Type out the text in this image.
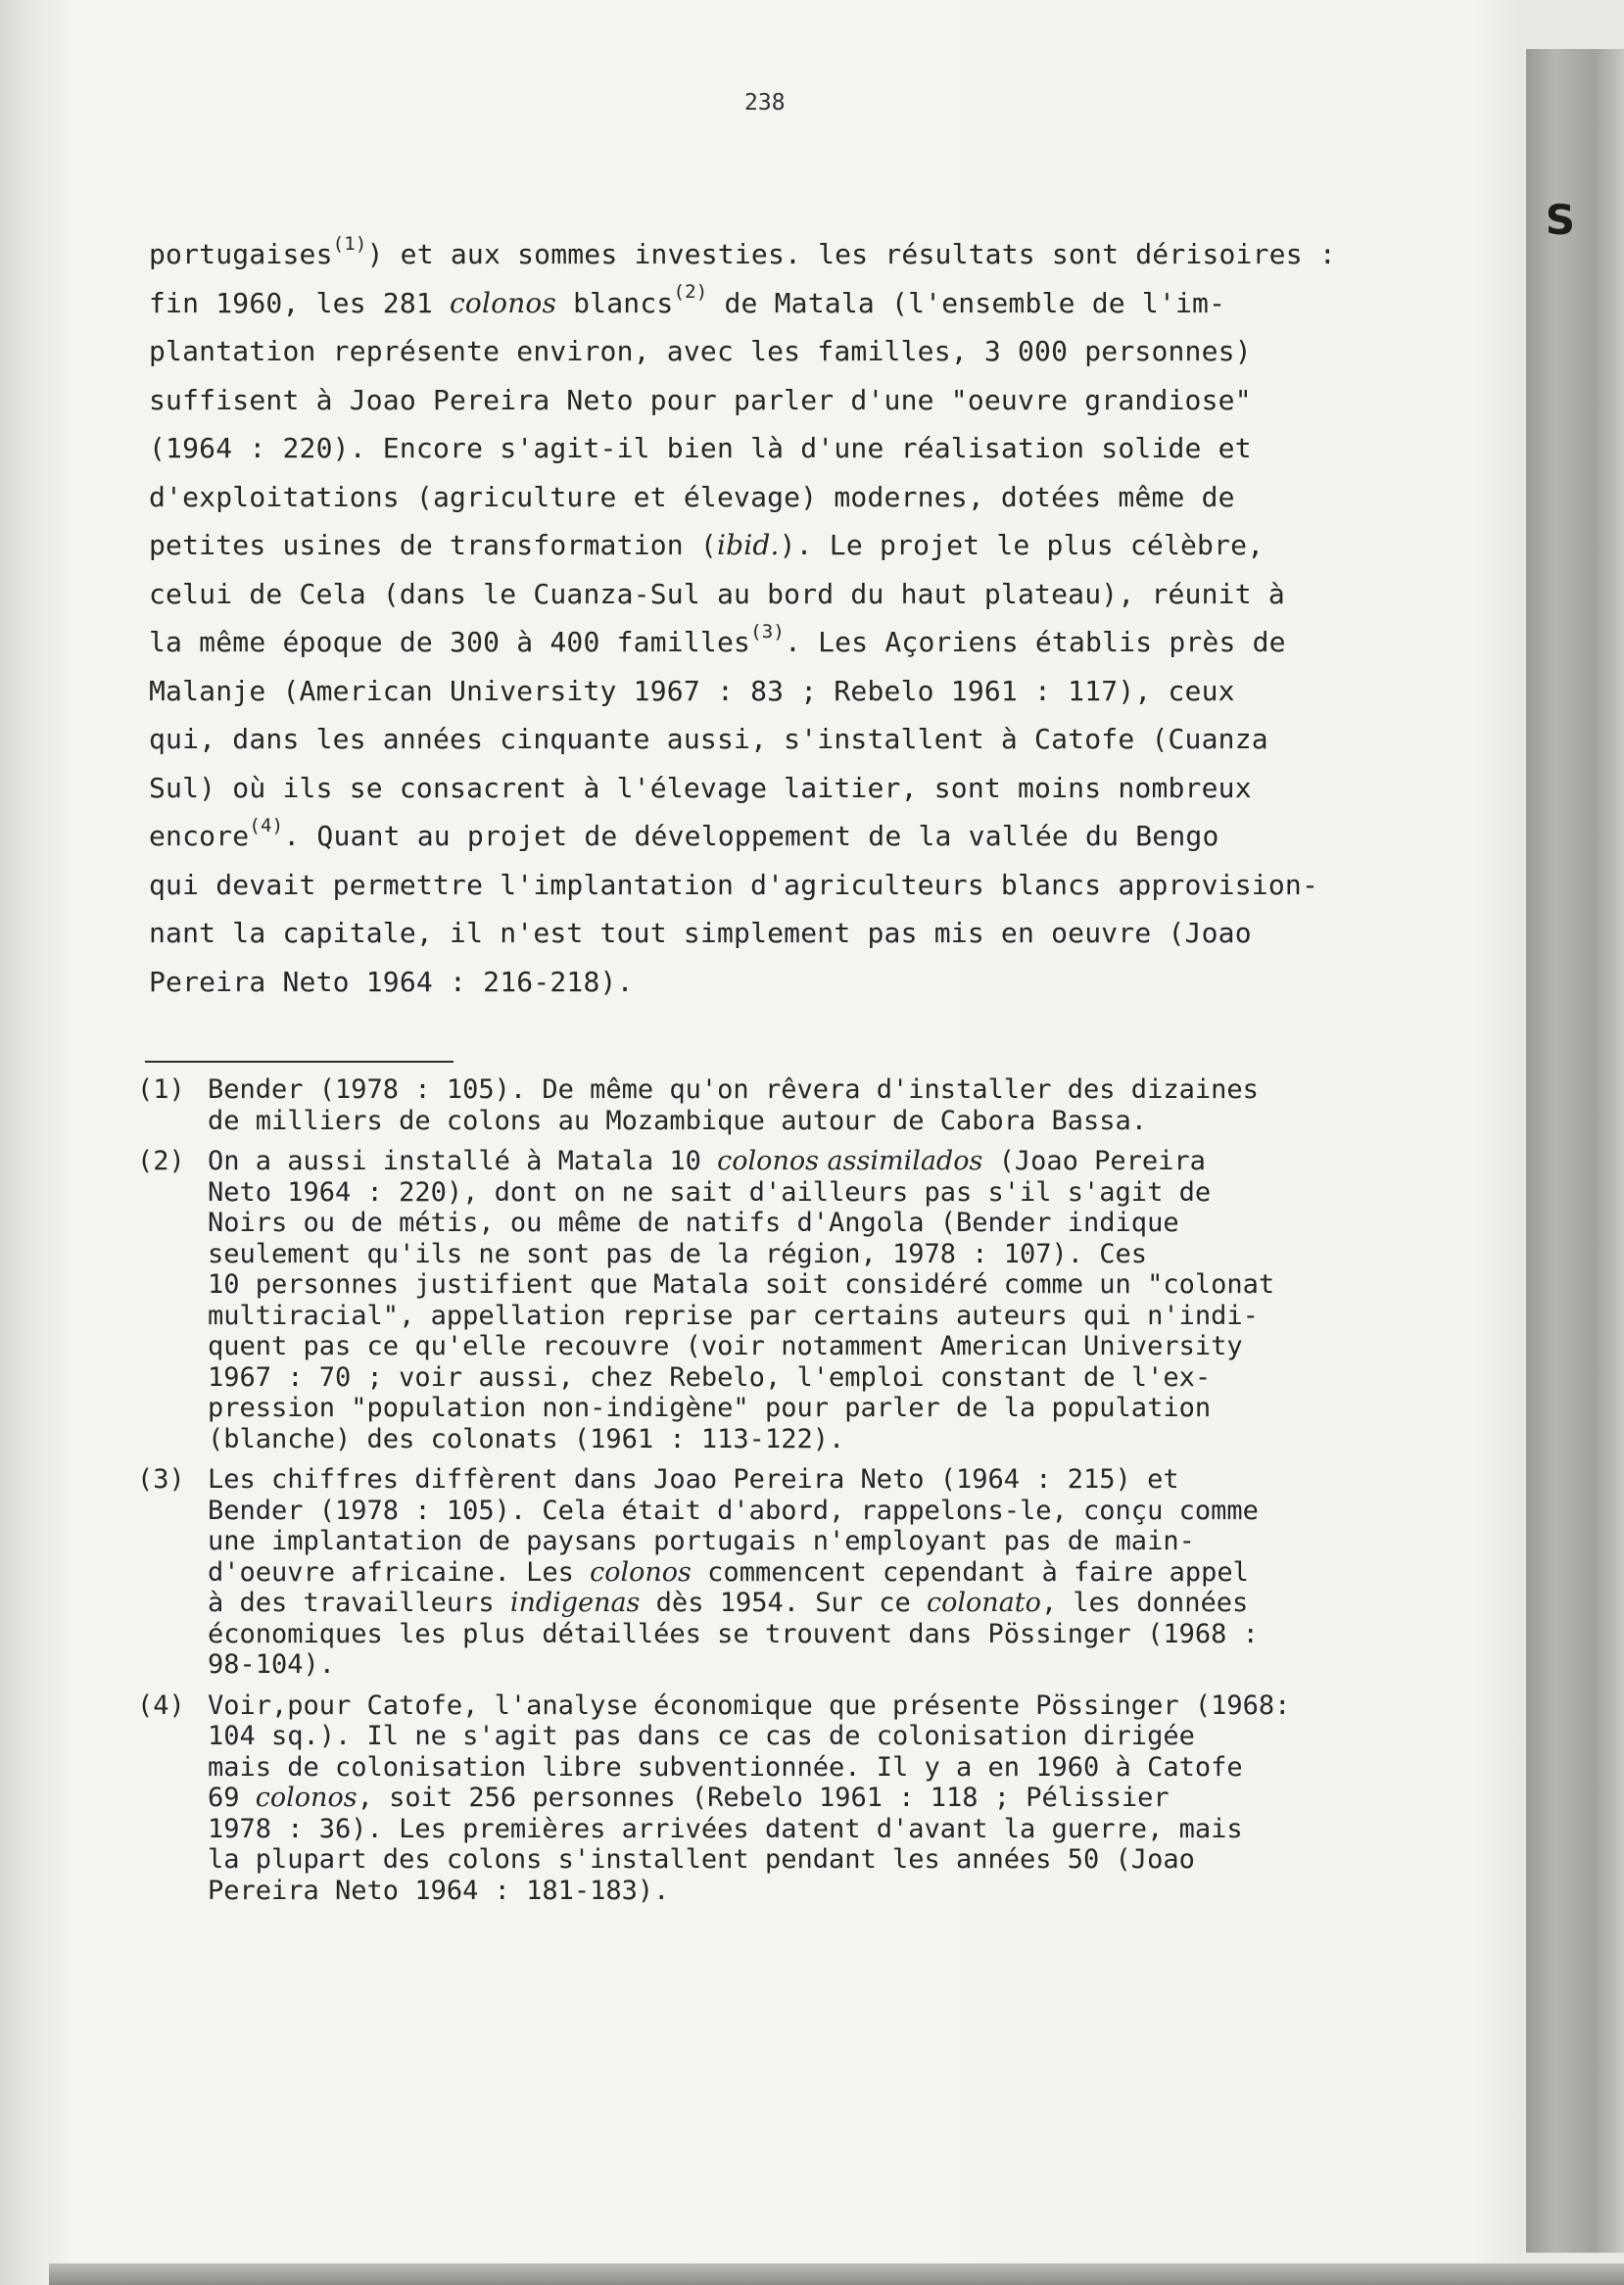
S
238
portugaises$^{(1)}$) et aux sommes investies. les résultats sont dérisoires :
fin 1960, les 281 colonos blancs$^{(2)}$ de Matala (l'ensemble de l'im-
plantation représente environ, avec les familles, 3 000 personnes)
suffisent à Joao Pereira Neto pour parler d'une "oeuvre grandiose"
(1964 : 220). Encore s'agit-il bien là d'une réalisation solide et
d'exploitations (agriculture et élevage) modernes, dotées même de
petites usines de transformation (ibid.). Le projet le plus célèbre,
celui de Cela (dans le Cuanza-Sul au bord du haut plateau), réunit à
la même époque de 300 à 400 familles$^{(3)}$. Les Açoriens établis près de
Malanje (American University 1967 : 83 ; Rebelo 1961 : 117), ceux
qui, dans les années cinquante aussi, s'installent à Catofe (Cuanza
Sul) où ils se consacrent à l'élevage laitier, sont moins nombreux
encore$^{(4)}$. Quant au projet de développement de la vallée du Bengo
qui devait permettre l'implantation d'agriculteurs blancs approvision-
nant la capitale, il n'est tout simplement pas mis en oeuvre (Joao
Pereira Neto 1964 : 216-218).
(1) Bender (1978 : 105). De même qu'on rêvera d'installer des dizaines
de milliers de colons au Mozambique autour de Cabora Bassa.
(2) On a aussi installé à Matala 10 colonos assimilados (Joao Pereira
Neto 1964 : 220), dont on ne sait d'ailleurs pas s'il s'agit de
Noirs ou de métis, ou même de natifs d'Angola (Bender indique
seulement qu'ils ne sont pas de la région, 1978 : 107). Ces
10 personnes justifient que Matala soit considéré comme un "colonat
multiracial", appellation reprise par certains auteurs qui n'indi-
quent pas ce qu'elle recouvre (voir notamment American University
1967 : 70 ; voir aussi, chez Rebelo, l'emploi constant de l'ex-
pression "population non-indigène" pour parler de la population
(blanche) des colonats (1961 : 113-122).
(3) Les chiffres diffèrent dans Joao Pereira Neto (1964 : 215) et
Bender (1978 : 105). Cela était d'abord, rappelons-le, conçu comme
une implantation de paysans portugais n'employant pas de main-
d'oeuvre africaine. Les colonos commencent cependant à faire appel
à des travailleurs indigenas dès 1954. Sur ce colonato, les données
économiques les plus détaillées se trouvent dans Pössinger (1968 :
98-104).
(4) Voir,pour Catofe, l'analyse économique que présente Pössinger (1968:
104 sq.). Il ne s'agit pas dans ce cas de colonisation dirigée
mais de colonisation libre subventionnée. Il y a en 1960 à Catofe
69 colonos, soit 256 personnes (Rebelo 1961 : 118 ; Pélissier
1978 : 36). Les premières arrivées datent d'avant la guerre, mais
la plupart des colons s'installent pendant les années 50 (Joao
Pereira Neto 1964 : 181-183).
